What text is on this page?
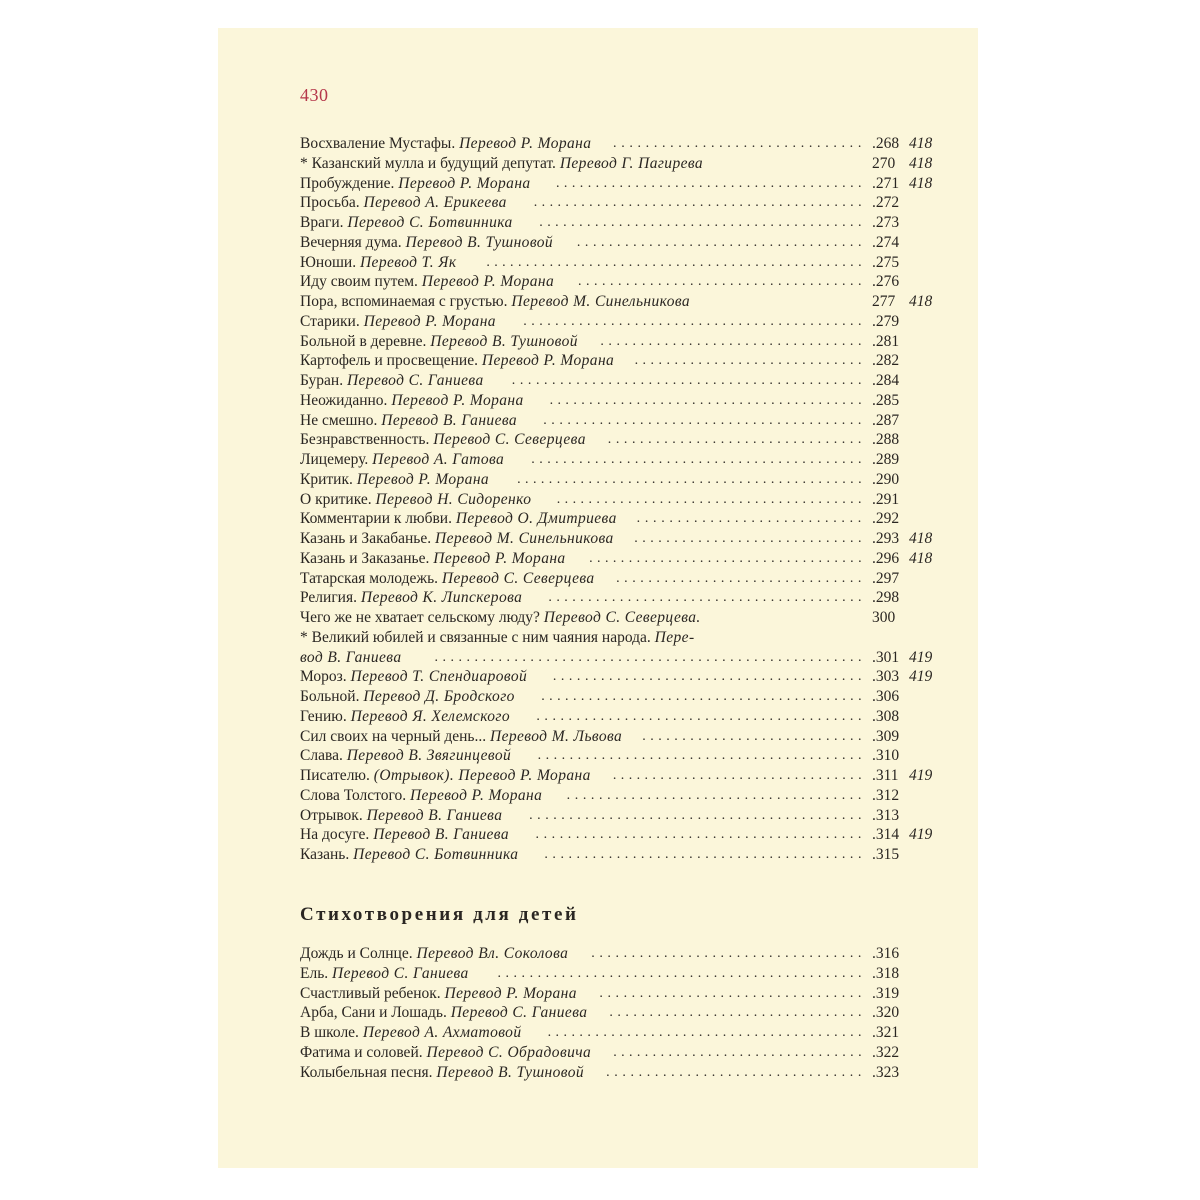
430
Восхваление Мустафы. Перевод Р. Морана	............................... .268 418
* Казанский мулла и будущий депутат. Перевод Г. Пагирева	270 418
Пробуждение. Перевод Р. Морана	....................................... .271 418
Просьба. Перевод А. Ерикеева	.......................................... .272
Враги. Перевод С. Ботвинника	......................................... .273
Вечерняя дума. Перевод В. Тушновой	.................................... .274
Юноши. Перевод Т. Як	................................................ .275
Иду своим путем. Перевод Р. Морана	.................................... .276
Пора, вспоминаемая с грустью. Перевод М. Синельникова	277 418
Старики. Перевод Р. Морана	........................................... .279
Больной в деревне. Перевод В. Тушновой	................................. .281
Картофель и просвещение. Перевод Р. Морана	............................. .282
Буран. Перевод С. Ганиева	............................................ .284
Неожиданно. Перевод Р. Морана	........................................ .285
Не смешно. Перевод В. Ганиева	........................................ .287
Безнравственность. Перевод С. Северцева	................................ .288
Лицемеру. Перевод А. Гатова	.......................................... .289
Критик. Перевод Р. Морана	............................................ .290
О критике. Перевод Н. Сидоренко	....................................... .291
Комментарии к любви. Перевод О. Дмитриева	............................ .292
Казань и Закабанье. Перевод М. Синельникова	............................. .293 418
Казань и Заказанье. Перевод Р. Морана	................................... .296 418
Татарская молодежь. Перевод С. Северцева	............................... .297
Религия. Перевод К. Липскерова	........................................ .298
Чего же не хватает сельскому люду? Перевод С. Северцева.	300
* Великий юбилей и связанные с ним чаяния народа. Пере-
вод В. Ганиева	...................................................... .301 419
Мороз. Перевод Т. Спендиаровой	....................................... .303 419
Больной. Перевод Д. Бродского	......................................... .306
Гению. Перевод Я. Хелемского	......................................... .308
Сил своих на черный день... Перевод М. Львова	............................ .309
Слава. Перевод В. Звягинцевой	......................................... .310
Писателю. (Отрывок). Перевод Р. Морана	................................ .311 419
Слова Толстого. Перевод Р. Морана	..................................... .312
Отрывок. Перевод В. Ганиева	.......................................... .313
На досуге. Перевод В. Ганиева	......................................... .314 419
Казань. Перевод С. Ботвинника	........................................ .315
Стихотворения для детей
Дождь и Солнце. Перевод Вл. Соколова	.................................. .316
Ель. Перевод С. Ганиева	.............................................. .318
Счастливый ребенок. Перевод Р. Морана	................................. .319
Арба, Сани и Лошадь. Перевод С. Ганиева	................................ .320
В школе. Перевод А. Ахматовой	........................................ .321
Фатима и соловей. Перевод С. Обрадовича	................................ .322
Колыбельная песня. Перевод В. Тушновой	................................ .323
